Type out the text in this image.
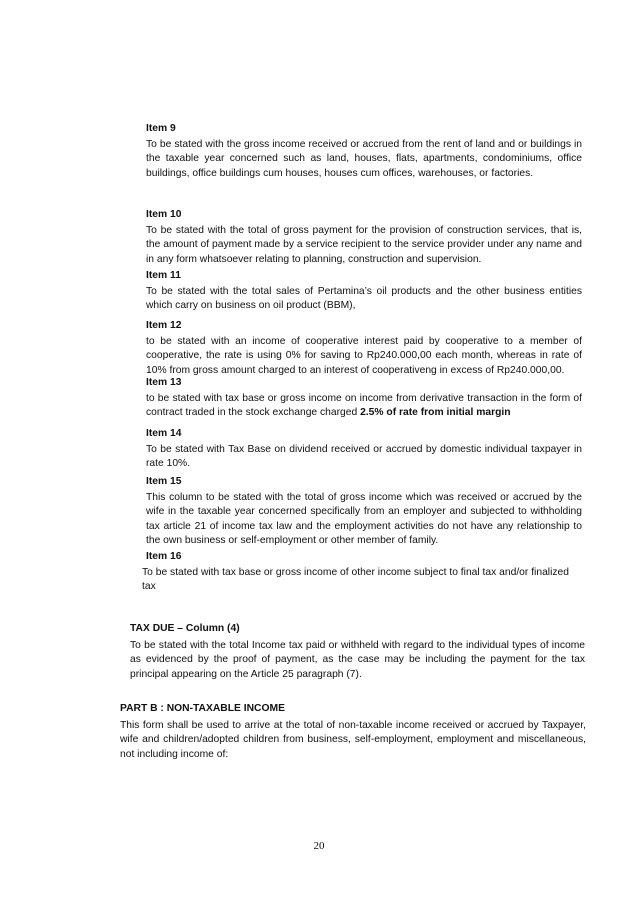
Item 9
To be stated with the gross income received or accrued from the rent of land and or buildings in the taxable year concerned such as land, houses, flats, apartments, condominiums, office buildings, office buildings cum houses, houses cum offices, warehouses, or factories.
Item 10
To be stated with the total of gross payment for the provision of construction services, that is, the amount of payment made by a service recipient to the service provider under any name and in any form whatsoever relating to planning, construction and supervision.
Item 11
To be stated with the total sales of Pertamina’s oil products and the other business entities which carry on business on oil product (BBM),
Item 12
to be stated with an income of cooperative interest paid by cooperative to a member of cooperative, the rate is using 0% for saving to Rp240.000,00 each month, whereas in rate of 10% from gross amount charged to an interest of cooperativeng in excess of Rp240.000,00.
Item 13
to be stated with tax base or gross income on income from derivative transaction in the form of contract traded in the stock exchange charged 2.5% of rate from initial margin
Item 14
To be stated with Tax Base on dividend received or accrued by domestic individual taxpayer in rate 10%.
Item 15
This column to be stated with the total of gross income which was received or accrued by the wife in the taxable year concerned specifically from an employer and subjected to withholding tax article 21 of income tax law and the employment activities do not have any relationship to the own business or self-employment or other member of family.
Item 16
To be stated with tax base or gross income of other income subject to final tax and/or finalized tax
TAX DUE – Column (4)
To be stated with the total Income tax paid or withheld with regard to the individual types of income as evidenced by the proof of payment, as the case may be including the payment for the tax principal appearing on the Article 25 paragraph (7).
PART B : NON-TAXABLE INCOME
This form shall be used to arrive at the total of non-taxable income received or accrued by Taxpayer, wife and children/adopted children from business, self-employment, employment and miscellaneous, not including income of:
20
